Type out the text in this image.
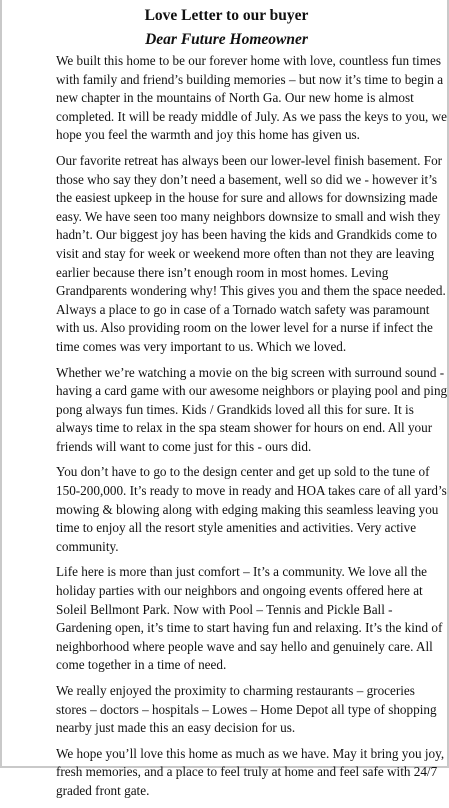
Love Letter to our buyer
Dear Future Homeowner

We built this home to be our forever home with love, countless fun times with family and friend’s building memories – but now it’s time to begin a new chapter in the mountains of North Ga. Our new home is almost completed. It will be ready middle of July. As we pass the keys to you, we hope you feel the warmth and joy this home has given us.

Our favorite retreat has always been our lower-level finish basement. For those who say they don’t need a basement, well so did we - however it’s the easiest upkeep in the house for sure and allows for downsizing made easy. We have seen too many neighbors downsize to small and wish they hadn’t. Our biggest joy has been having the kids and Grandkids come to visit and stay for week or weekend more often than not they are leaving earlier because there isn’t enough room in most homes. Leving Grandparents wondering why! This gives you and them the space needed. Always a place to go in case of a Tornado watch safety was paramount with us. Also providing room on the lower level for a nurse if infect the time comes was very important to us. Which we loved.

Whether we’re watching a movie on the big screen with surround sound - having a card game with our awesome neighbors or playing pool and ping pong always fun times. Kids / Grandkids loved all this for sure. It is always time to relax in the spa steam shower for hours on end. All your friends will want to come just for this - ours did.

You don’t have to go to the design center and get up sold to the tune of 150-200,000. It’s ready to move in ready and HOA takes care of all yard’s mowing & blowing along with edging making this seamless leaving you time to enjoy all the resort style amenities and activities. Very active community.

Life here is more than just comfort – It’s a community. We love all the holiday parties with our neighbors and ongoing events offered here at Soleil Bellmont Park. Now with Pool – Tennis and Pickle Ball - Gardening open, it’s time to start having fun and relaxing. It’s the kind of neighborhood where people wave and say hello and genuinely care. All come together in a time of need.

We really enjoyed the proximity to charming restaurants – groceries stores – doctors – hospitals – Lowes – Home Depot all type of shopping nearby just made this an easy decision for us.

We hope you’ll love this home as much as we have. May it bring you joy, fresh memories, and a place to feel truly at home and feel safe with 24/7 graded front gate.
